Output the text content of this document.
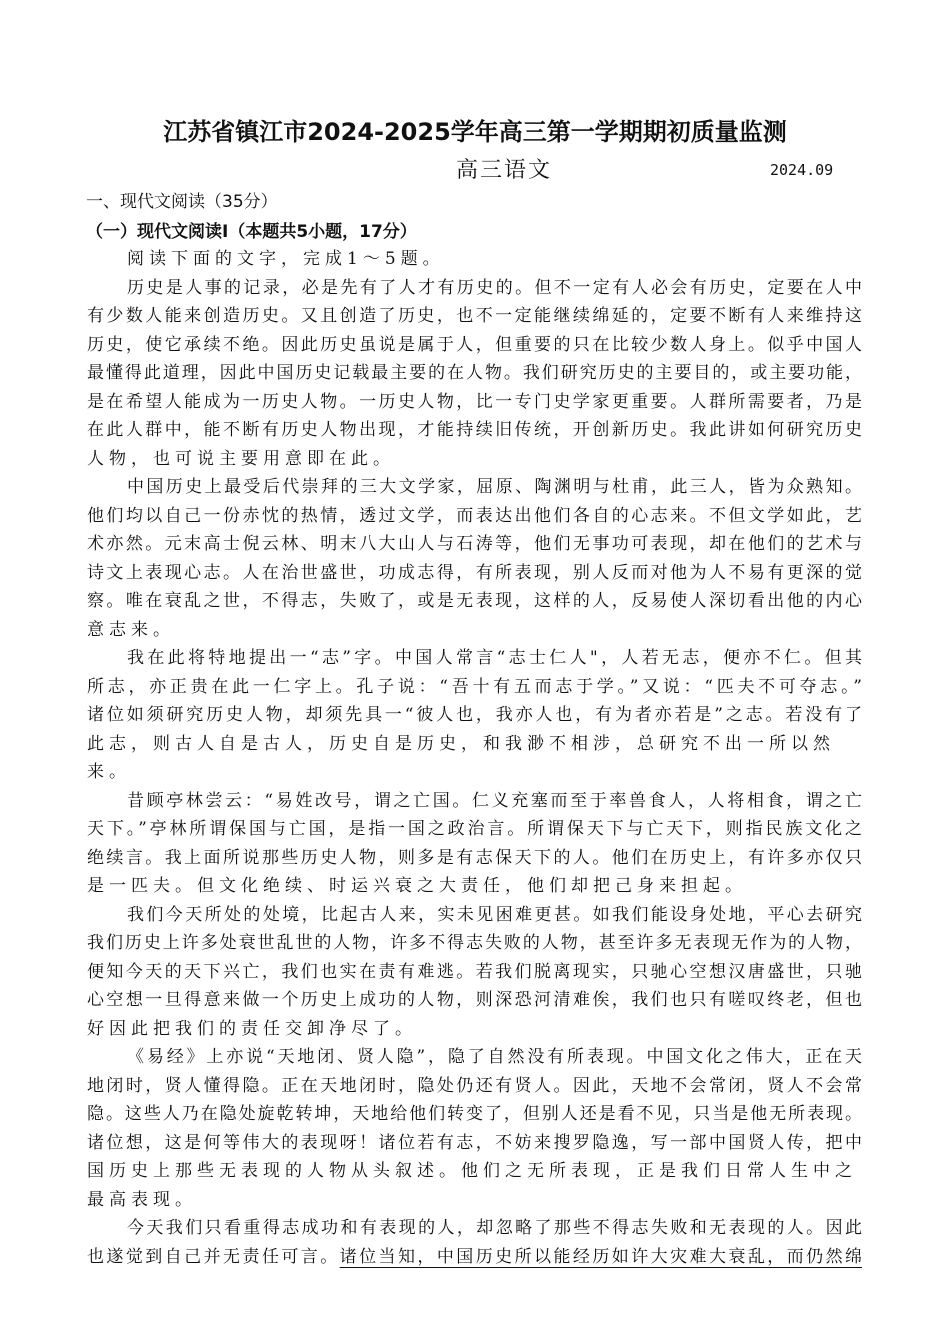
江苏省镇江市2024-2025学年高三第一学期期初质量监测
高三语文	2024.09
一、现代文阅读（35分）
（一）现代文阅读Ⅰ（本题共5小题，17分）
阅读下面的文字，完成1～5题。
历史是人事的记录，必是先有了人才有历史的。但不一定有人必会有历史，定要在人中
有少数人能来创造历史。又且创造了历史，也不一定能继续绵延的，定要不断有人来维持这
历史，使它承续不绝。因此历史虽说是属于人，但重要的只在比较少数人身上。似乎中国人
最懂得此道理，因此中国历史记载最主要的在人物。我们研究历史的主要目的，或主要功能，
是在希望人能成为一历史人物。一历史人物，比一专门史学家更重要。人群所需要者，乃是
在此人群中，能不断有历史人物出现，才能持续旧传统，开创新历史。我此讲如何研究历史
人物，也可说主要用意即在此。
中国历史上最受后代崇拜的三大文学家，屈原、陶渊明与杜甫，此三人，皆为众熟知。
他们均以自己一份赤忱的热情，透过文学，而表达出他们各自的心志来。不但文学如此，艺
术亦然。元末高士倪云林、明末八大山人与石涛等，他们无事功可表现，却在他们的艺术与
诗文上表现心志。人在治世盛世，功成志得，有所表现，别人反而对他为人不易有更深的觉
察。唯在衰乱之世，不得志，失败了，或是无表现，这样的人，反易使人深切看出他的内心
意志来。
我在此将特地提出一“志”字。中国人常言“志士仁人"，人若无志，便亦不仁。但其
所志，亦正贵在此一仁字上。孔子说：“吾十有五而志于学。”又说：“匹夫不可夺志。”
诸位如须研究历史人物，却须先具一“彼人也，我亦人也，有为者亦若是”之志。若没有了
此志，则古人自是古人，历史自是历史，和我渺不相涉，总研究不出一所以然来。
昔顾亭林尝云：“易姓改号，谓之亡国。仁义充塞而至于率兽食人，人将相食，谓之亡
天下。”亭林所谓保国与亡国，是指一国之政治言。所谓保天下与亡天下，则指民族文化之
绝续言。我上面所说那些历史人物，则多是有志保天下的人。他们在历史上，有许多亦仅只
是一匹夫。但文化绝续、时运兴衰之大责任，他们却把己身来担起。
我们今天所处的处境，比起古人来，实未见困难更甚。如我们能设身处地，平心去研究
我们历史上许多处衰世乱世的人物，许多不得志失败的人物，甚至许多无表现无作为的人物，
便知今天的天下兴亡，我们也实在责有难逃。若我们脱离现实，只驰心空想汉唐盛世，只驰
心空想一旦得意来做一个历史上成功的人物，则深恐河清难俟，我们也只有嗟叹终老，但也
好因此把我们的责任交卸净尽了。
《易经》上亦说“天地闭、贤人隐”，隐了自然没有所表现。中国文化之伟大，正在天
地闭时，贤人懂得隐。正在天地闭时，隐处仍还有贤人。因此，天地不会常闭，贤人不会常
隐。这些人乃在隐处旋乾转坤，天地给他们转变了，但别人还是看不见，只当是他无所表现。
诸位想，这是何等伟大的表现呀！诸位若有志，不妨来搜罗隐逸，写一部中国贤人传，把中
国历史上那些无表现的人物从头叙述。他们之无所表现，正是我们日常人生中之最高表现。
今天我们只看重得志成功和有表现的人，却忽略了那些不得志失败和无表现的人。因此
也遂觉到自己并无责任可言。诸位当知，中国历史所以能经历如许大灾难大衰乱，而仍然绵
